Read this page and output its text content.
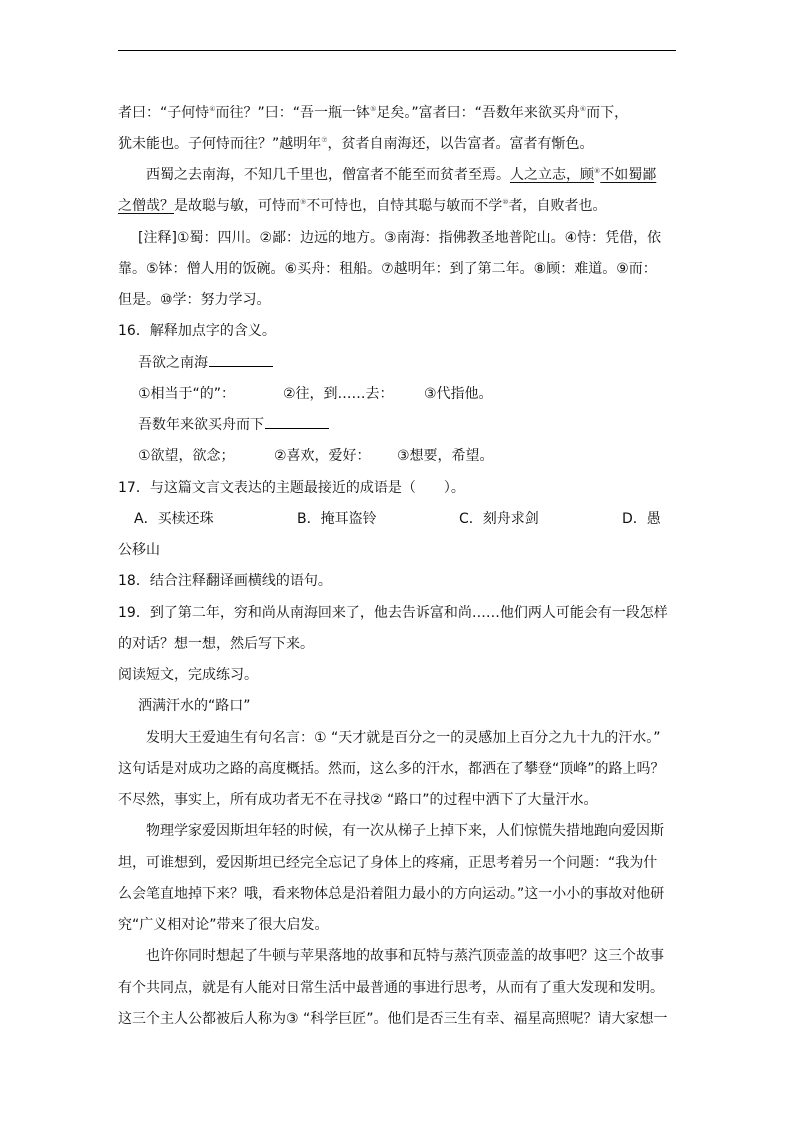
者曰：“子何恃④而往？”曰：“吾一瓶一钵⑤足矣。”富者曰：“吾数年来欲买舟⑥而下，
犹未能也。子何恃而往？”越明年⑦，贫者自南海还，以告富者。富者有惭色。
西蜀之去南海，不知几千里也，僧富者不能至而贫者至焉。人之立志，顾⑧不如蜀鄙
之僧哉？是故聪与敏，可恃而⑨不可恃也，自恃其聪与敏而不学⑩者，自败者也。
[注释]①蜀：四川。②鄙：边远的地方。③南海：指佛教圣地普陀山。④恃：凭借，依
靠。⑤钵：僧人用的饭碗。⑥买舟：租船。⑦越明年：到了第二年。⑧顾：难道。⑨而：
但是。⑩学：努力学习。
16．解释加点字的含义。
吾欲之南海
①相当于“的”：	②往，到……去： ③代指他。
吾数年来欲买舟而下
①欲望，欲念；	②喜欢，爱好： ③想要，希望。
17．与这篇文言文表达的主题最接近的成语是（　　）。
A．买椟还珠	B．掩耳盗铃	C．刻舟求剑	D．愚
公移山
18．结合注释翻译画横线的语句。
19．到了第二年，穷和尚从南海回来了，他去告诉富和尚……他们两人可能会有一段怎样
的对话？想一想，然后写下来。
阅读短文，完成练习。
洒满汗水的“路口”
发明大王爱迪生有句名言：① “天才就是百分之一的灵感加上百分之九十九的汗水。”
这句话是对成功之路的高度概括。然而，这么多的汗水，都洒在了攀登“顶峰”的路上吗？
不尽然，事实上，所有成功者无不在寻找② “路口”的过程中洒下了大量汗水。
物理学家爱因斯坦年轻的时候，有一次从梯子上掉下来，人们惊慌失措地跑向爱因斯
坦，可谁想到，爱因斯坦已经完全忘记了身体上的疼痛，正思考着另一个问题：“我为什
么会笔直地掉下来？哦，看来物体总是沿着阻力最小的方向运动。”这一小小的事故对他研
究“广义相对论”带来了很大启发。
也许你同时想起了牛顿与苹果落地的故事和瓦特与蒸汽顶壶盖的故事吧？这三个故事
有个共同点，就是有人能对日常生活中最普通的事进行思考，从而有了重大发现和发明。
这三个主人公都被后人称为③ “科学巨匠”。他们是否三生有幸、福星高照呢？请大家想一
